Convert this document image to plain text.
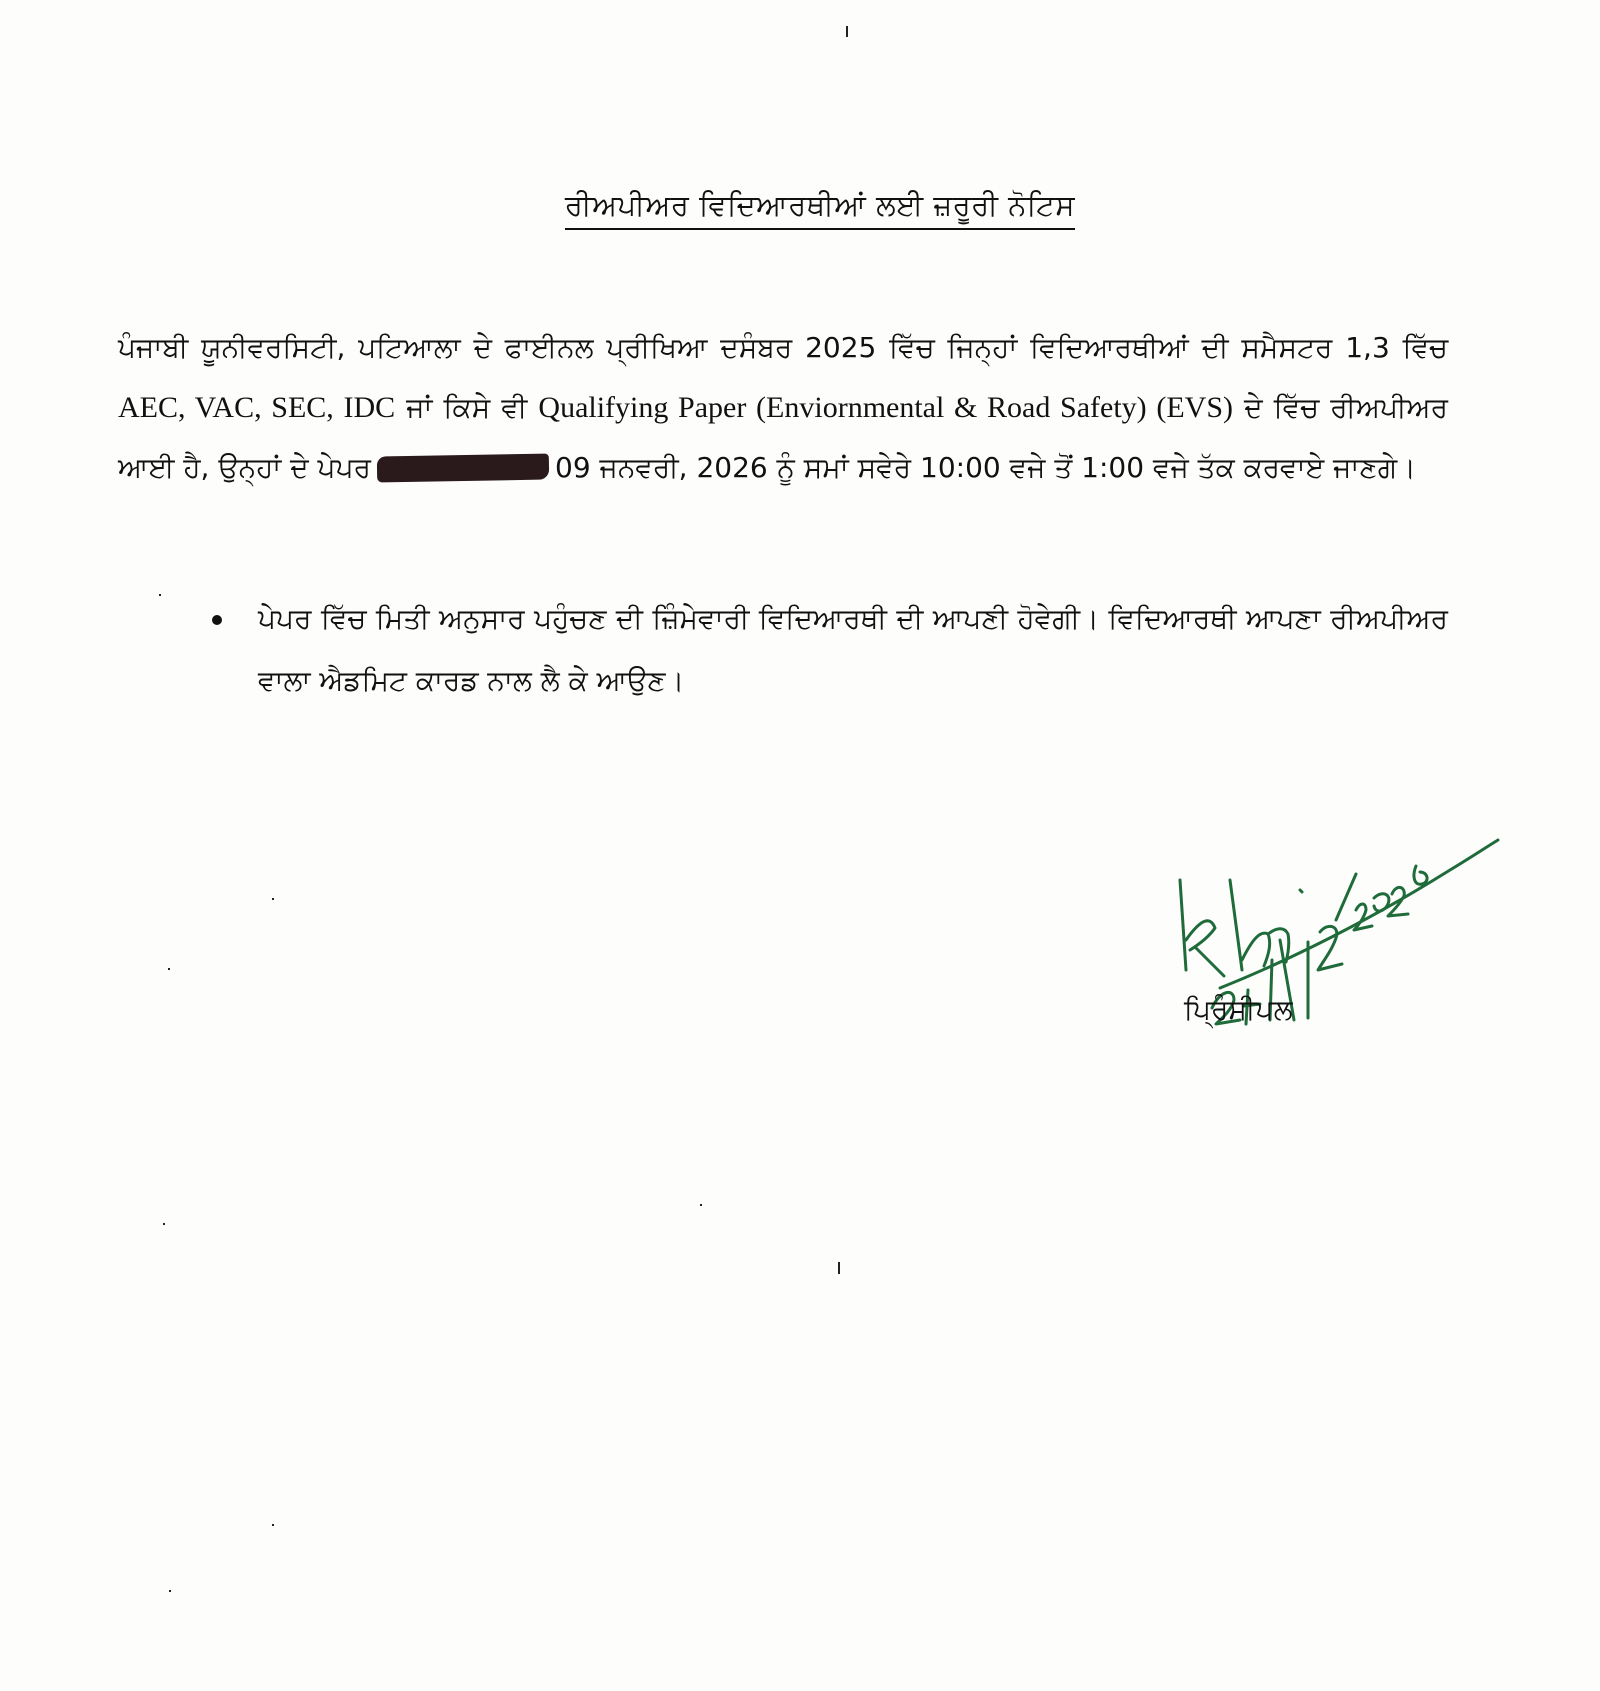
ਰੀਅਪੀਅਰ ਵਿਦਿਆਰਥੀਆਂ ਲਈ ਜ਼ਰੂਰੀ ਨੋਟਿਸ
ਪੰਜਾਬੀ ਯੂਨੀਵਰਸਿਟੀ, ਪਟਿਆਲਾ ਦੇ ਫਾਈਨਲ ਪ੍ਰੀਖਿਆ ਦਸੰਬਰ 2025 ਵਿੱਚ ਜਿਨ੍ਹਾਂ ਵਿਦਿਆਰਥੀਆਂ ਦੀ ਸਮੈਸਟਰ 1,3 ਵਿੱਚ AEC, VAC, SEC, IDC ਜਾਂ ਕਿਸੇ ਵੀ Qualifying Paper (Enviornmental & Road Safety) (EVS) ਦੇ ਵਿੱਚ ਰੀਅਪੀਅਰ ਆਈ ਹੈ, ਉਨ੍ਹਾਂ ਦੇ ਪੇਪਰ	09 ਜਨਵਰੀ, 2026 ਨੂੰ ਸਮਾਂ ਸਵੇਰੇ 10:00 ਵਜੇ ਤੋਂ 1:00 ਵਜੇ ਤੱਕ ਕਰਵਾਏ ਜਾਣਗੇ।
ਪੇਪਰ ਵਿੱਚ ਮਿਤੀ ਅਨੁਸਾਰ ਪਹੁੰਚਣ ਦੀ ਜ਼ਿੰਮੇਵਾਰੀ ਵਿਦਿਆਰਥੀ ਦੀ ਆਪਣੀ ਹੋਵੇਗੀ। ਵਿਦਿਆਰਥੀ ਆਪਣਾ ਰੀਅਪੀਅਰ ਵਾਲਾ ਐਡਮਿਟ ਕਾਰਡ ਨਾਲ ਲੈ ਕੇ ਆਉਣ।
ਪ੍ਰਿੰਸੀਪਲ
